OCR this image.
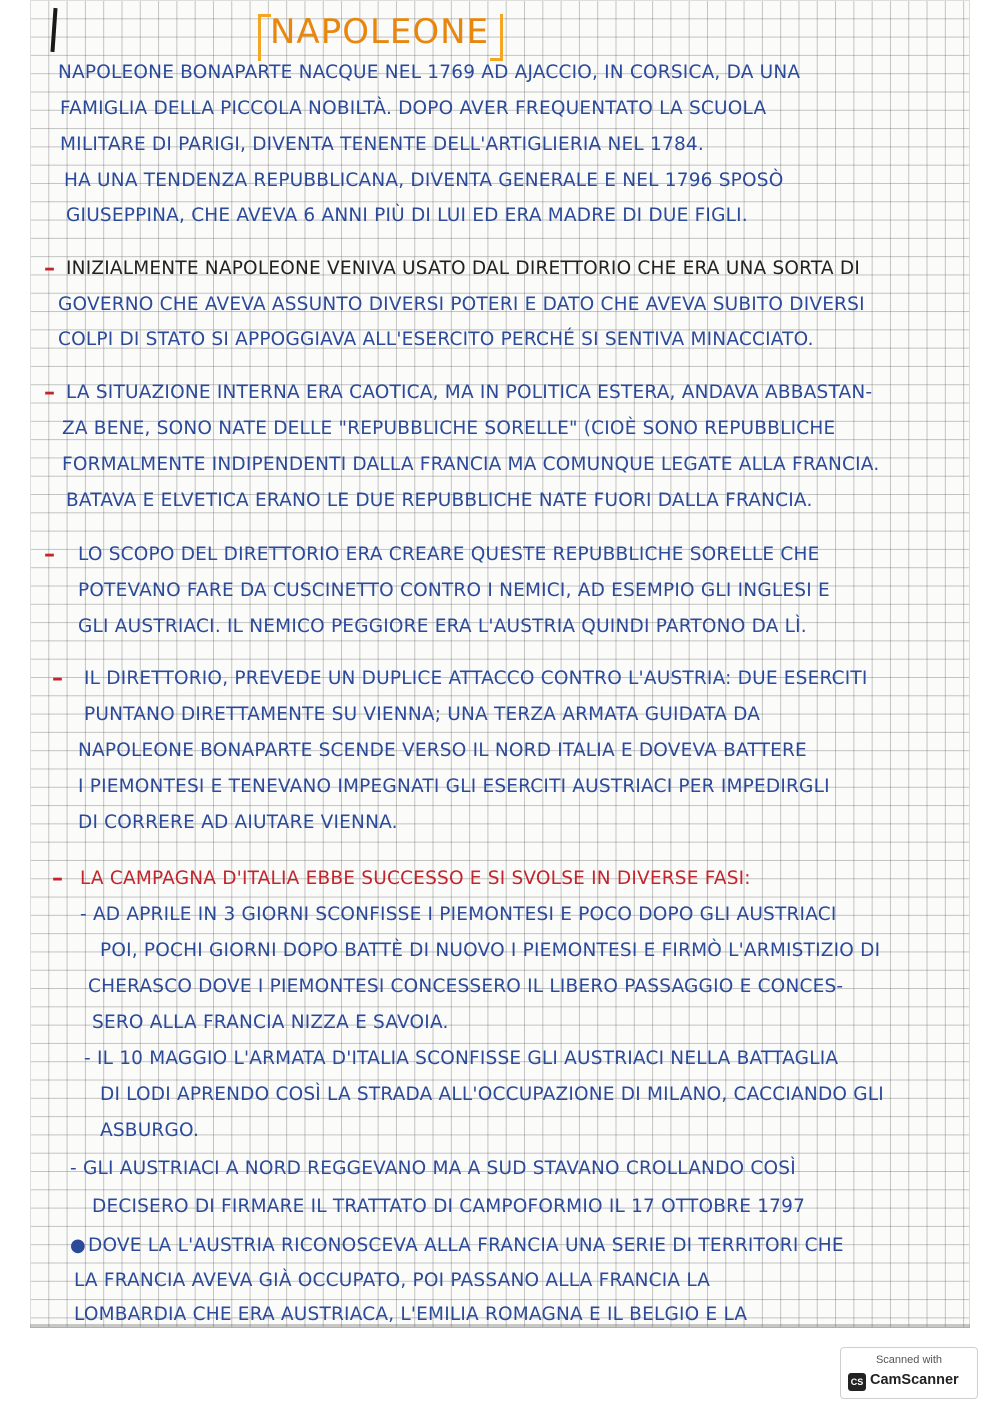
NAPOLEONE
–
–
–
–
–
●
NAPOLEONE BONAPARTE NACQUE NEL 1769 AD AJACCIO, IN CORSICA, DA UNA
FAMIGLIA DELLA PICCOLA NOBILTÀ. DOPO AVER FREQUENTATO LA SCUOLA
MILITARE DI PARIGI, DIVENTA TENENTE DELL'ARTIGLIERIA NEL 1784.
HA UNA TENDENZA REPUBBLICANA, DIVENTA GENERALE E NEL 1796 SPOSÒ
GIUSEPPINA, CHE AVEVA 6 ANNI PIÙ DI LUI ED ERA MADRE DI DUE FIGLI.
INIZIALMENTE NAPOLEONE VENIVA USATO DAL DIRETTORIO CHE ERA UNA SORTA DI
GOVERNO CHE AVEVA ASSUNTO DIVERSI POTERI E DATO CHE AVEVA SUBITO DIVERSI
COLPI DI STATO SI APPOGGIAVA ALL'ESERCITO PERCHÉ SI SENTIVA MINACCIATO.
LA SITUAZIONE INTERNA ERA CAOTICA, MA IN POLITICA ESTERA, ANDAVA ABBASTAN-
ZA BENE, SONO NATE DELLE "REPUBBLICHE SORELLE" (CIOÈ SONO REPUBBLICHE
FORMALMENTE INDIPENDENTI DALLA FRANCIA MA COMUNQUE LEGATE ALLA FRANCIA.
BATAVA E ELVETICA ERANO LE DUE REPUBBLICHE NATE FUORI DALLA FRANCIA.
LO SCOPO DEL DIRETTORIO ERA CREARE QUESTE REPUBBLICHE SORELLE CHE
POTEVANO FARE DA CUSCINETTO CONTRO I NEMICI, AD ESEMPIO GLI INGLESI E
GLI AUSTRIACI. IL NEMICO PEGGIORE ERA L'AUSTRIA QUINDI PARTONO DA LÌ.
IL DIRETTORIO, PREVEDE UN DUPLICE ATTACCO CONTRO L'AUSTRIA: DUE ESERCITI
PUNTANO DIRETTAMENTE SU VIENNA; UNA TERZA ARMATA GUIDATA DA
NAPOLEONE BONAPARTE SCENDE VERSO IL NORD ITALIA E DOVEVA BATTERE
I PIEMONTESI E TENEVANO IMPEGNATI GLI ESERCITI AUSTRIACI PER IMPEDIRGLI
DI CORRERE AD AIUTARE VIENNA.
LA CAMPAGNA D'ITALIA EBBE SUCCESSO E SI SVOLSE IN DIVERSE FASI:
- AD APRILE IN 3 GIORNI SCONFISSE I PIEMONTESI E POCO DOPO GLI AUSTRIACI
POI, POCHI GIORNI DOPO BATTÈ DI NUOVO I PIEMONTESI E FIRMÒ L'ARMISTIZIO DI
CHERASCO DOVE I PIEMONTESI CONCESSERO IL LIBERO PASSAGGIO E CONCES-
SERO ALLA FRANCIA NIZZA E SAVOIA.
- IL 10 MAGGIO L'ARMATA D'ITALIA SCONFISSE GLI AUSTRIACI NELLA BATTAGLIA
DI LODI APRENDO COSÌ LA STRADA ALL'OCCUPAZIONE DI MILANO, CACCIANDO GLI
ASBURGO.
- GLI AUSTRIACI A NORD REGGEVANO MA A SUD STAVANO CROLLANDO COSÌ
DECISERO DI FIRMARE IL TRATTATO DI CAMPOFORMIO IL 17 OTTOBRE 1797
DOVE LA L'AUSTRIA RICONOSCEVA ALLA FRANCIA UNA SERIE DI TERRITORI CHE
LA FRANCIA AVEVA GIÀ OCCUPATO, POI PASSANO ALLA FRANCIA LA
LOMBARDIA CHE ERA AUSTRIACA, L'EMILIA ROMAGNA E IL BELGIO E LA
Scanned with
CS CamScanner
